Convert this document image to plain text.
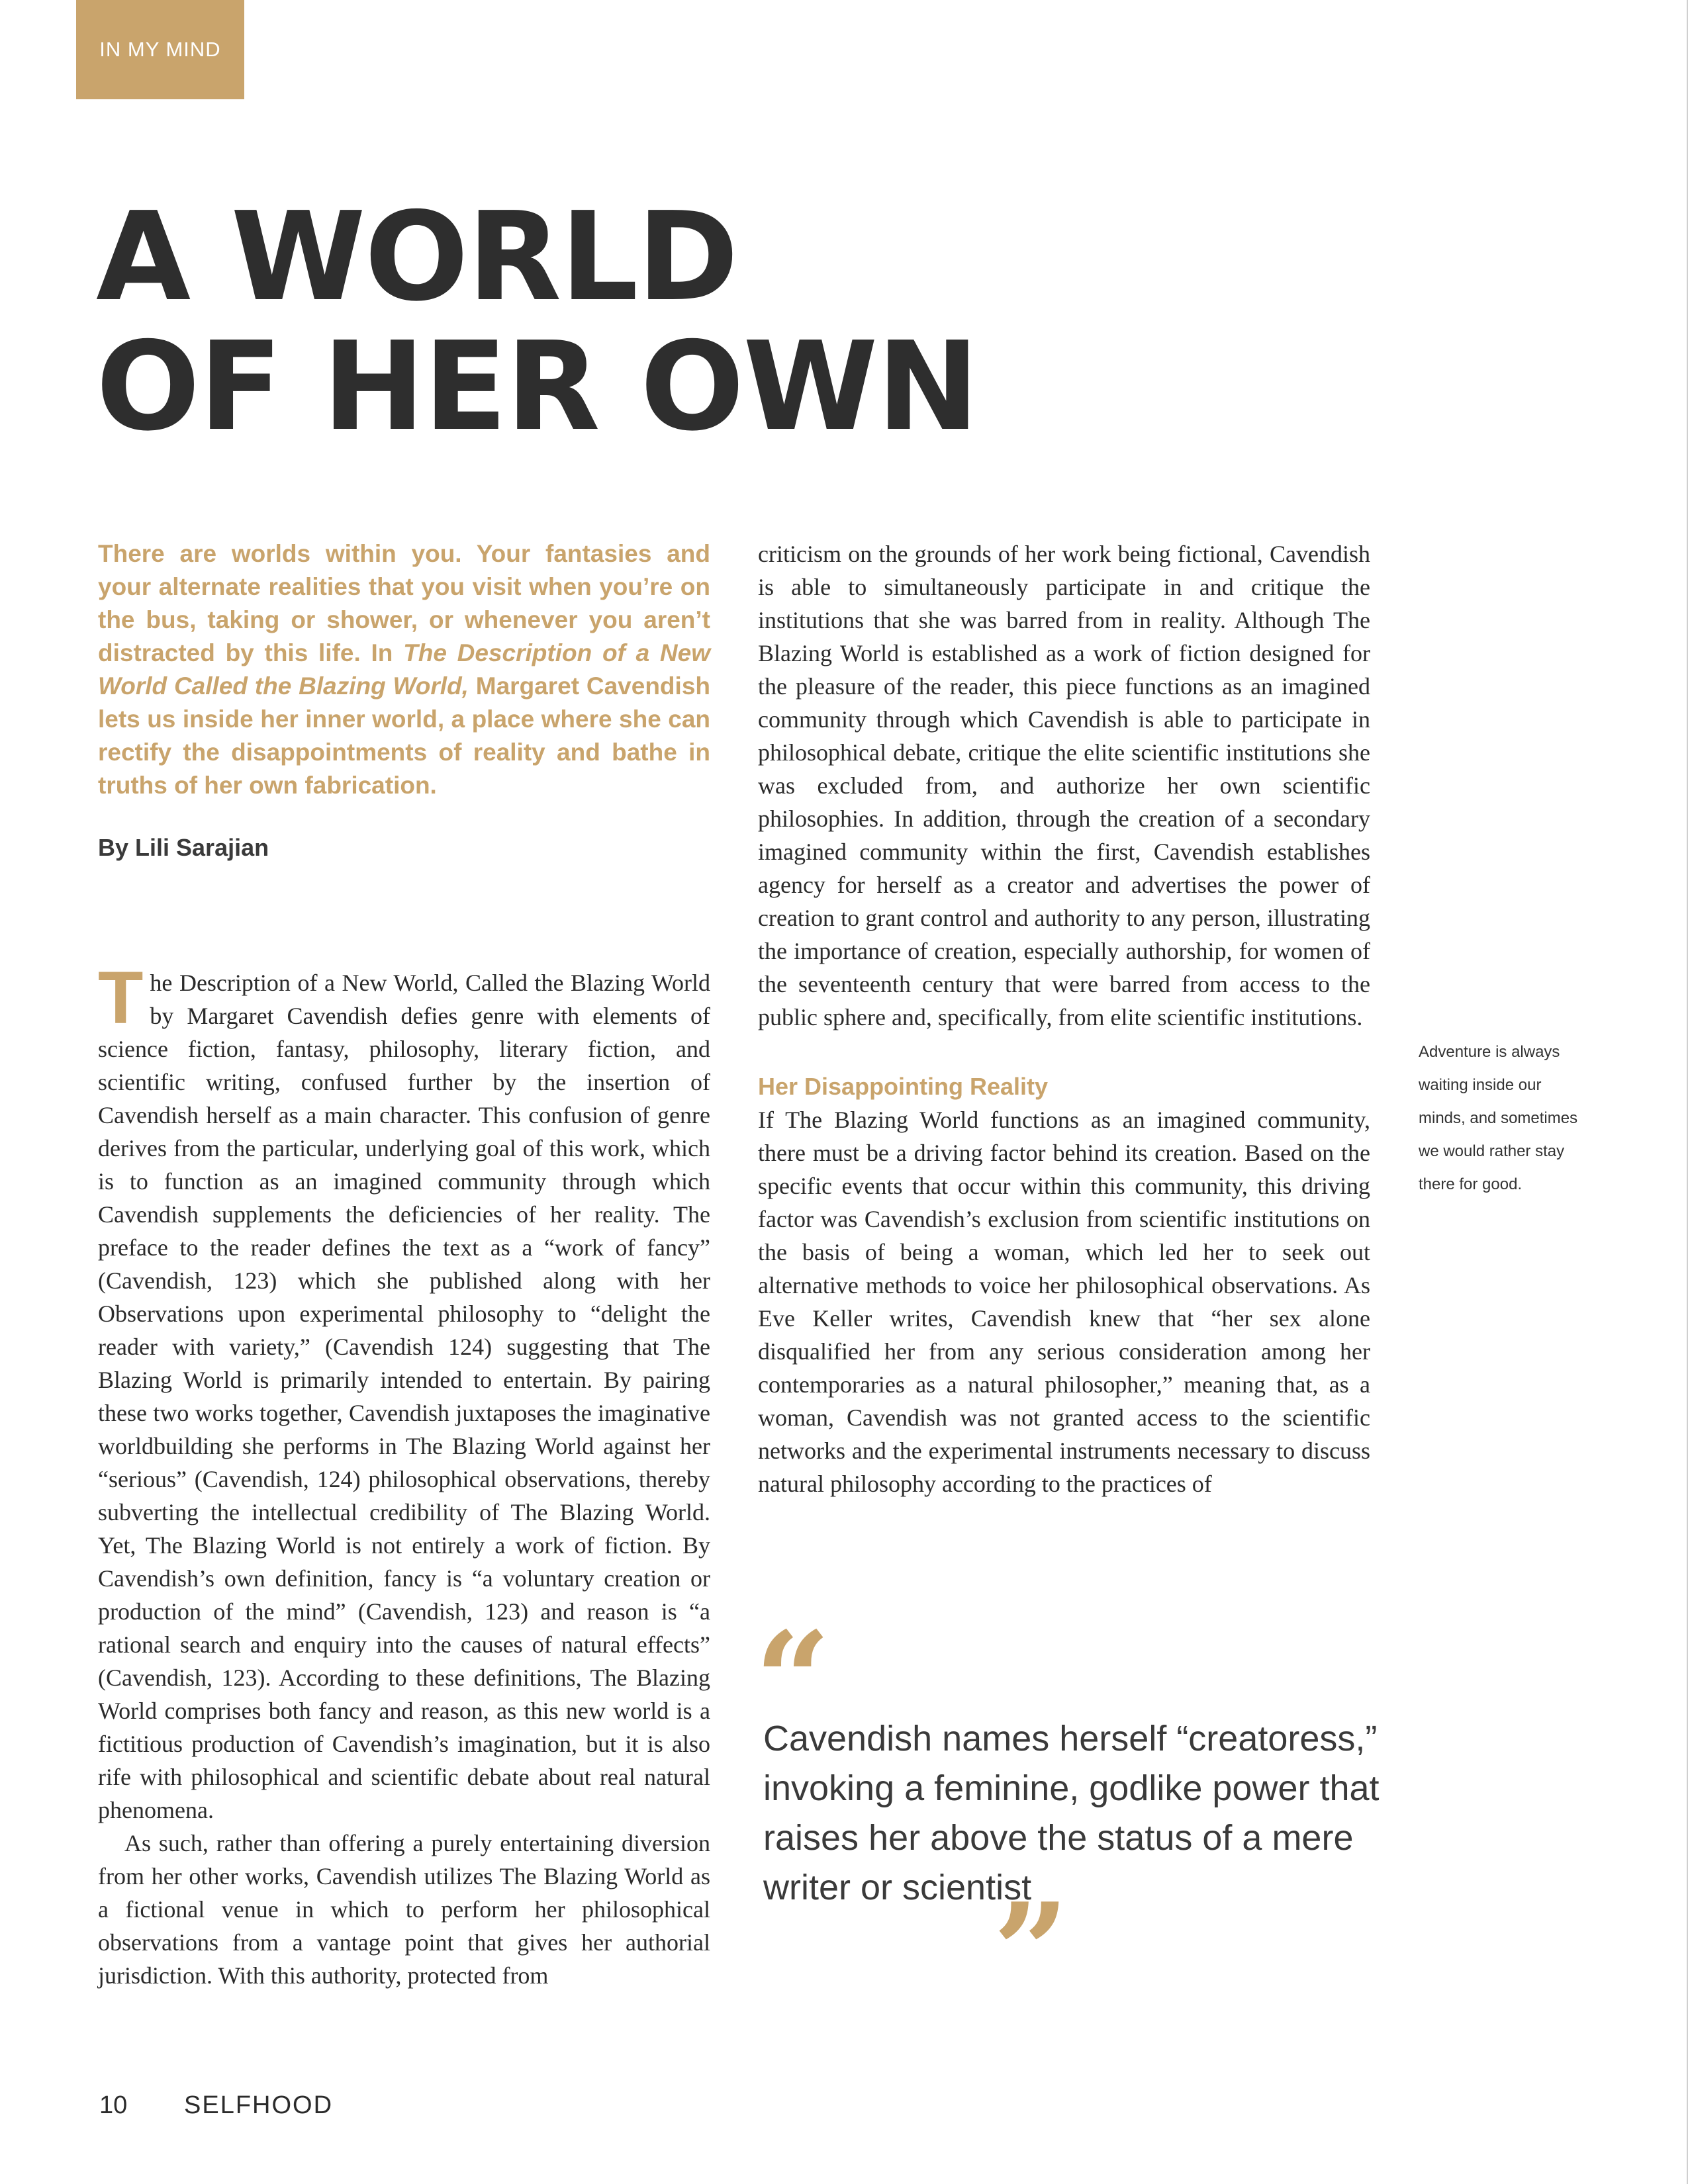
IN MY MIND
A WORLD
OF HER OWN

There are worlds within you. Your fantasies and your alternate realities that you visit when you’re on the bus, taking or shower, or whenever you aren’t distracted by this life. In The Description of a New World Called the Blazing World, Margaret Cavendish lets us inside her inner world, a place where she can rectify the disappointments of reality and bathe in truths of her own fabrication.

By Lili Sarajian

The Description of a New World, Called the Blazing World by Margaret Cavendish defies genre with elements of science fiction, fantasy, philosophy, literary fiction, and scientific writing, confused further by the insertion of Cavendish herself as a main character. This confusion of genre derives from the particular, underlying goal of this work, which is to function as an imagined community through which Cavendish supplements the deficiencies of her reality. The preface to the reader defines the text as a “work of fancy” (Cavendish, 123) which she published along with her Observations upon experimental philosophy to “delight the reader with variety,” (Cavendish 124) suggesting that The Blazing World is primarily intended to entertain. By pairing these two works together, Cavendish juxtaposes the imaginative worldbuilding she performs in The Blazing World against her “serious” (Cavendish, 124) philosophical observations, thereby subverting the intellectual credibility of The Blazing World. Yet, The Blazing World is not entirely a work of fiction. By Cavendish’s own definition, fancy is “a voluntary creation or production of the mind” (Cavendish, 123) and reason is “a rational search and enquiry into the causes of natural effects” (Cavendish, 123). According to these definitions, The Blazing World comprises both fancy and reason, as this new world is a fictitious production of Cavendish’s imagination, but it is also rife with philosophical and scientific debate about real natural phenomena.

As such, rather than offering a purely entertaining diversion from her other works, Cavendish utilizes The Blazing World as a fictional venue in which to perform her philosophical observations from a vantage point that gives her authorial jurisdiction. With this authority, protected from

criticism on the grounds of her work being fictional, Cavendish is able to simultaneously participate in and critique the institutions that she was barred from in reality. Although The Blazing World is established as a work of fiction designed for the pleasure of the reader, this piece functions as an imagined community through which Cavendish is able to participate in philosophical debate, critique the elite scientific institutions she was excluded from, and authorize her own scientific philosophies. In addition, through the creation of a secondary imagined community within the first, Cavendish establishes agency for herself as a creator and advertises the power of creation to grant control and authority to any person, illustrating the importance of creation, especially authorship, for women of the seventeenth century that were barred from access to the public sphere and, specifically, from elite scientific institutions.

Her Disappointing Reality

If The Blazing World functions as an imagined community, there must be a driving factor behind its creation. Based on the specific events that occur within this community, this driving factor was Cavendish’s exclusion from scientific institutions on the basis of being a woman, which led her to seek out alternative methods to voice her philosophical observations. As Eve Keller writes, Cavendish knew that “her sex alone disqualified her from any serious consideration among her contemporaries as a natural philosopher,” meaning that, as a woman, Cavendish was not granted access to the scientific networks and the experimental instruments necessary to discuss natural philosophy according to the practices of

Adventure is always waiting inside our minds, and sometimes we would rather stay there for good.
“

Cavendish names herself “creatoress,” invoking a feminine, godlike power that raises her above the status of a mere writer or scientist

”
10 SELFHOOD
